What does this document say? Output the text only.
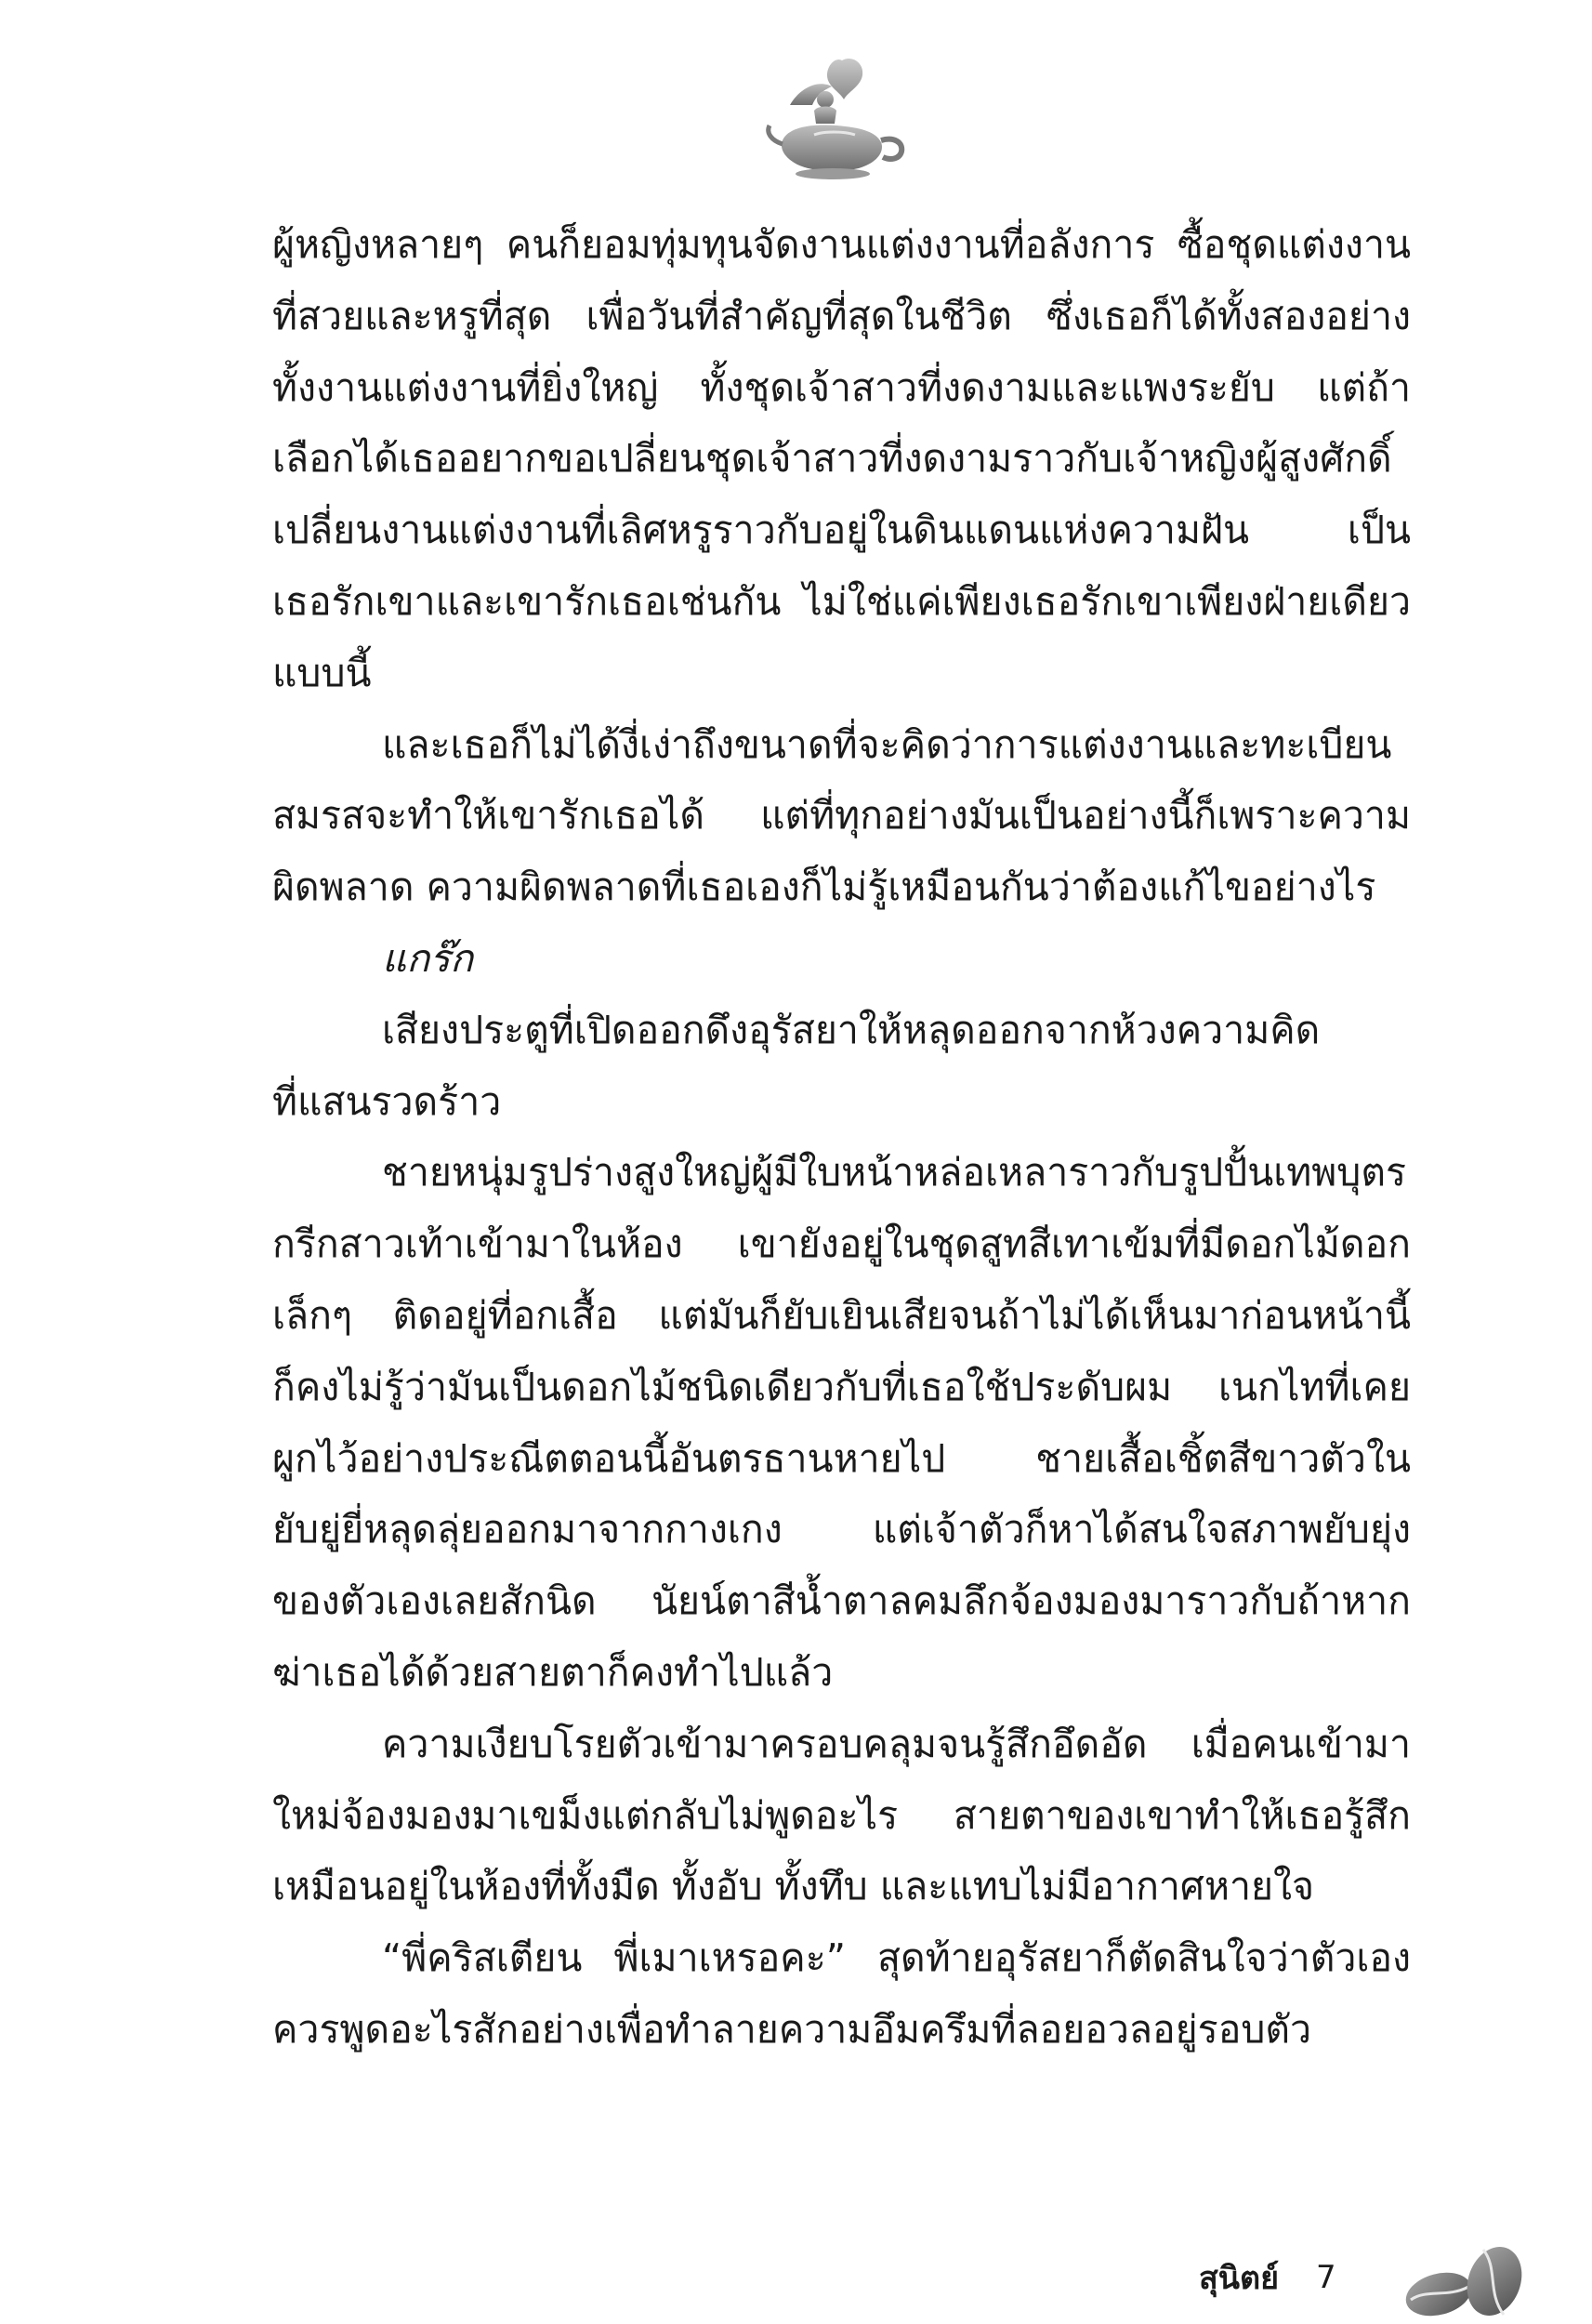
ผู้หญิงหลายๆ คนก็ยอมทุ่มทุนจัดงานแต่งงานที่อลังการ ซื้อชุดแต่งงาน
ที่สวยและหรูที่สุด เพื่อวันที่สำคัญที่สุดในชีวิต ซึ่งเธอก็ได้ทั้งสองอย่าง
ทั้งงานแต่งงานที่ยิ่งใหญ่ ทั้งชุดเจ้าสาวที่งดงามและแพงระยับ แต่ถ้า
เลือกได้เธออยากขอเปลี่ยนชุดเจ้าสาวที่งดงามราวกับเจ้าหญิงผู้สูงศักดิ์
เปลี่ยนงานแต่งงานที่เลิศหรูราวกับอยู่ในดินแดนแห่งความฝัน เป็น
เธอรักเขาและเขารักเธอเช่นกัน ไม่ใช่แค่เพียงเธอรักเขาเพียงฝ่ายเดียว
แบบนี้
และเธอก็ไม่ได้งี่เง่าถึงขนาดที่จะคิดว่าการแต่งงานและทะเบียน
สมรสจะทำให้เขารักเธอได้ แต่ที่ทุกอย่างมันเป็นอย่างนี้ก็เพราะความ
ผิดพลาด ความผิดพลาดที่เธอเองก็ไม่รู้เหมือนกันว่าต้องแก้ไขอย่างไร
แกร๊ก
เสียงประตูที่เปิดออกดึงอุรัสยาให้หลุดออกจากห้วงความคิด
ที่แสนรวดร้าว
ชายหนุ่มรูปร่างสูงใหญ่ผู้มีใบหน้าหล่อเหลาราวกับรูปปั้นเทพบุตร
กรีกสาวเท้าเข้ามาในห้อง เขายังอยู่ในชุดสูทสีเทาเข้มที่มีดอกไม้ดอก
เล็กๆ ติดอยู่ที่อกเสื้อ แต่มันก็ยับเยินเสียจนถ้าไม่ได้เห็นมาก่อนหน้านี้
ก็คงไม่รู้ว่ามันเป็นดอกไม้ชนิดเดียวกับที่เธอใช้ประดับผม เนกไทที่เคย
ผูกไว้อย่างประณีตตอนนี้อันตรธานหายไป ชายเสื้อเชิ้ตสีขาวตัวใน
ยับยู่ยี่หลุดลุ่ยออกมาจากกางเกง แต่เจ้าตัวก็หาได้สนใจสภาพยับยุ่ง
ของตัวเองเลยสักนิด นัยน์ตาสีน้ำตาลคมลึกจ้องมองมาราวกับถ้าหาก
ฆ่าเธอได้ด้วยสายตาก็คงทำไปแล้ว
ความเงียบโรยตัวเข้ามาครอบคลุมจนรู้สึกอึดอัด เมื่อคนเข้ามา
ใหม่จ้องมองมาเขม็งแต่กลับไม่พูดอะไร สายตาของเขาทำให้เธอรู้สึก
เหมือนอยู่ในห้องที่ทั้งมืด ทั้งอับ ทั้งทึบ และแทบไม่มีอากาศหายใจ
“พี่คริสเตียน พี่เมาเหรอคะ” สุดท้ายอุรัสยาก็ตัดสินใจว่าตัวเอง
ควรพูดอะไรสักอย่างเพื่อทำลายความอึมครึมที่ลอยอวลอยู่รอบตัว
สุนิตย์ 7
